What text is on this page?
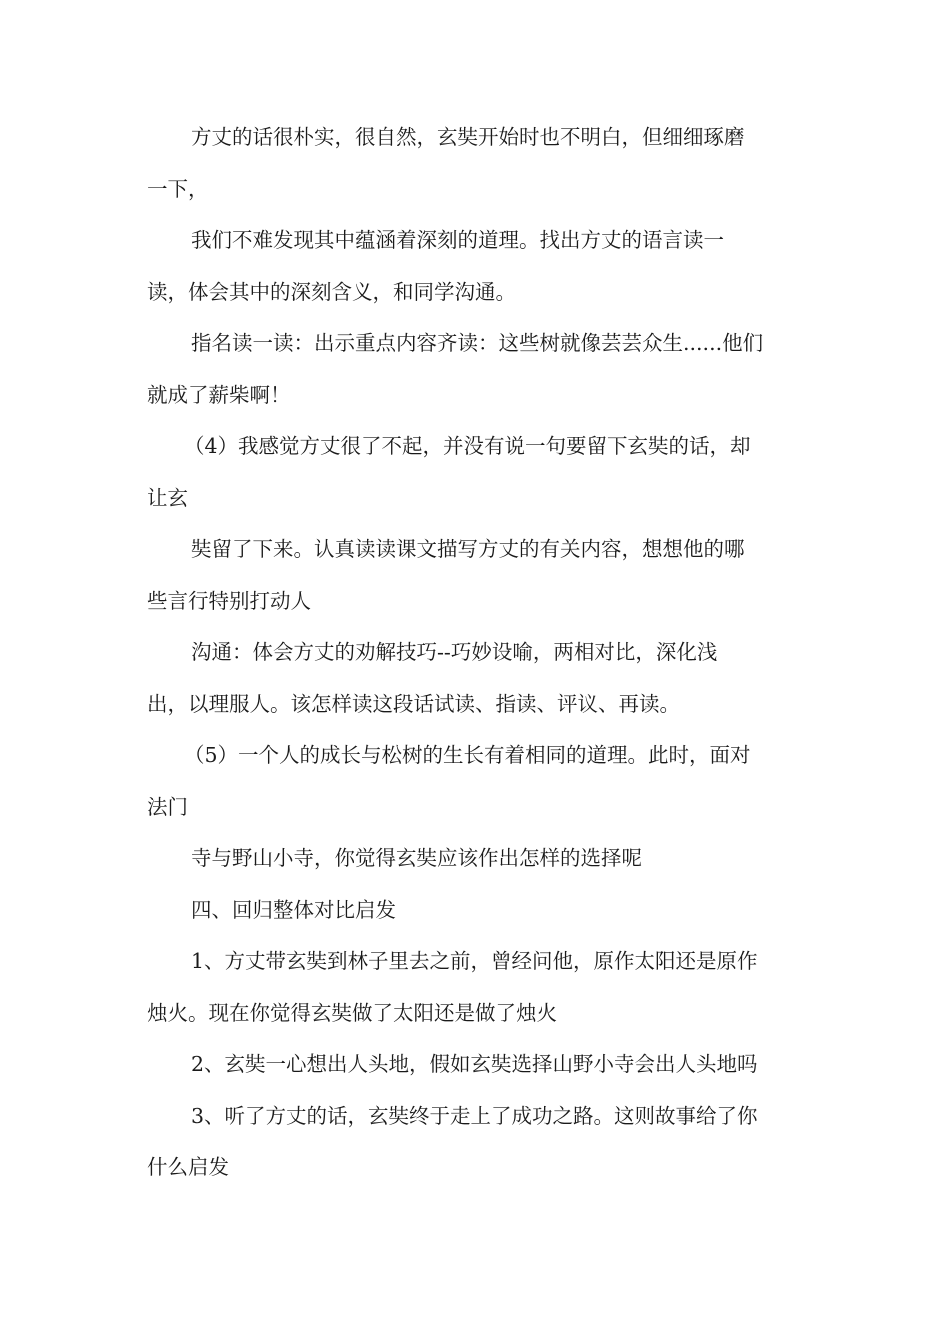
方丈的话很朴实，很自然，玄奘开始时也不明白，但细细琢磨
一下，
我们不难发现其中蕴涵着深刻的道理。找出方丈的语言读一
读，体会其中的深刻含义，和同学沟通。
指名读一读：出示重点内容齐读：这些树就像芸芸众生......他们
就成了薪柴啊！
（4）我感觉方丈很了不起，并没有说一句要留下玄奘的话，却
让玄
奘留了下来。认真读读课文描写方丈的有关内容，想想他的哪
些言行特别打动人
沟通：体会方丈的劝解技巧--巧妙设喻，两相对比，深化浅
出，以理服人。该怎样读这段话试读、指读、评议、再读。
（5）一个人的成长与松树的生长有着相同的道理。此时，面对
法门
寺与野山小寺，你觉得玄奘应该作出怎样的选择呢
四、回归整体对比启发
1、方丈带玄奘到林子里去之前，曾经问他，原作太阳还是原作
烛火。现在你觉得玄奘做了太阳还是做了烛火
2、玄奘一心想出人头地，假如玄奘选择山野小寺会出人头地吗
3、听了方丈的话，玄奘终于走上了成功之路。这则故事给了你
什么启发
